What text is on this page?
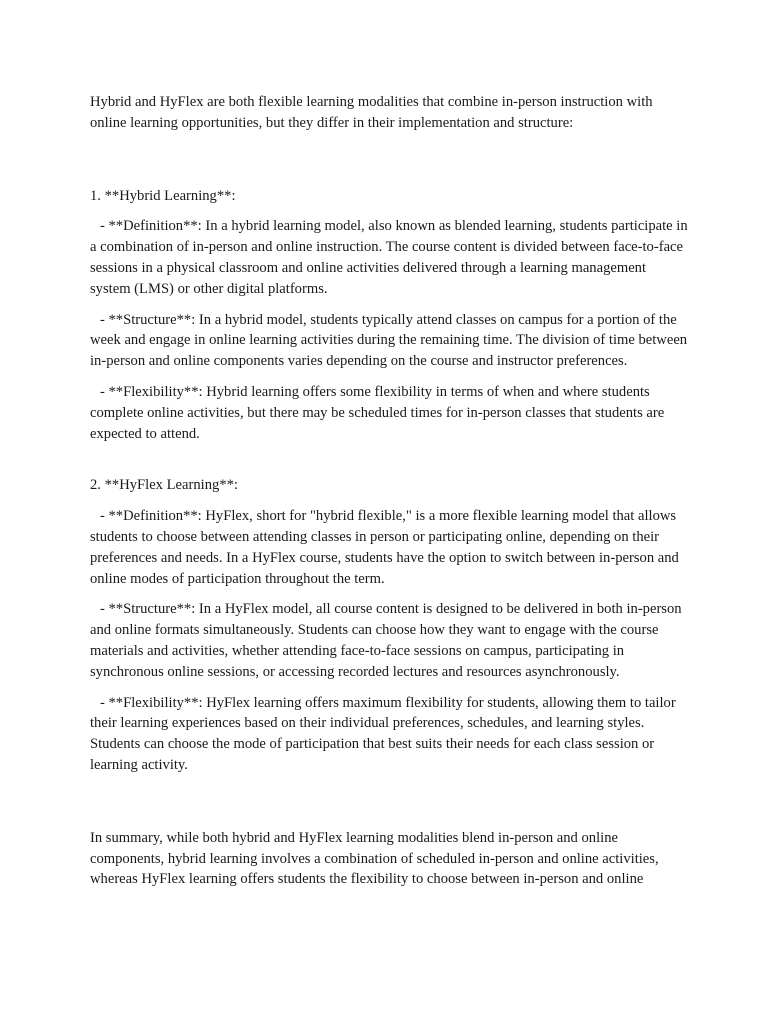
Hybrid and HyFlex are both flexible learning modalities that combine in-person instruction with online learning opportunities, but they differ in their implementation and structure:

1. **Hybrid Learning**:

- **Definition**: In a hybrid learning model, also known as blended learning, students participate in a combination of in-person and online instruction. The course content is divided between face-to-face sessions in a physical classroom and online activities delivered through a learning management system (LMS) or other digital platforms.

- **Structure**: In a hybrid model, students typically attend classes on campus for a portion of the week and engage in online learning activities during the remaining time. The division of time between in-person and online components varies depending on the course and instructor preferences.

- **Flexibility**: Hybrid learning offers some flexibility in terms of when and where students complete online activities, but there may be scheduled times for in-person classes that students are expected to attend.

2. **HyFlex Learning**:

- **Definition**: HyFlex, short for "hybrid flexible," is a more flexible learning model that allows students to choose between attending classes in person or participating online, depending on their preferences and needs. In a HyFlex course, students have the option to switch between in-person and online modes of participation throughout the term.

- **Structure**: In a HyFlex model, all course content is designed to be delivered in both in-person and online formats simultaneously. Students can choose how they want to engage with the course materials and activities, whether attending face-to-face sessions on campus, participating in synchronous online sessions, or accessing recorded lectures and resources asynchronously.

- **Flexibility**: HyFlex learning offers maximum flexibility for students, allowing them to tailor their learning experiences based on their individual preferences, schedules, and learning styles. Students can choose the mode of participation that best suits their needs for each class session or learning activity.

In summary, while both hybrid and HyFlex learning modalities blend in-person and online components, hybrid learning involves a combination of scheduled in-person and online activities, whereas HyFlex learning offers students the flexibility to choose between in-person and online
